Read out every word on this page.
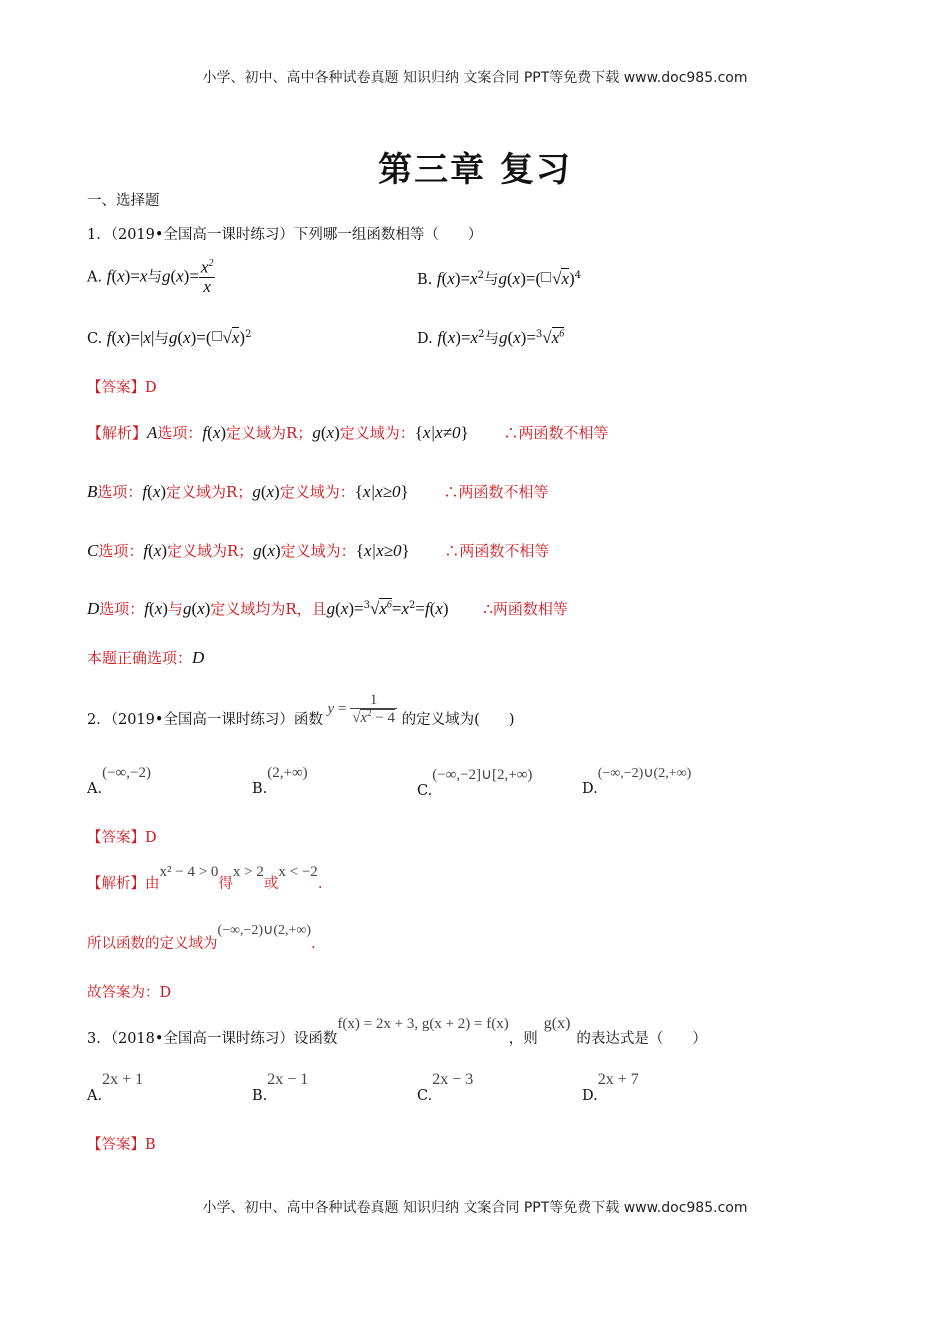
小学、初中、高中各种试卷真题 知识归纳 文案合同 PPT等免费下载 www.doc985.com
第三章 复习
一、选择题
1．（2019•全国高一课时练习）下列哪一组函数相等（　　）
A. f(x)=x与$g(x)= \frac{x^2}{x}$	B. $f(x)=x^2$与g(x)=( √x)$^4$
C. f(x)=|x|与g(x)=( √x)$^2$	D. $f(x)=x^2$与$g(x)=^3√x^6$
【答案】D
【解析】A选项：f(x)定义域为R；g(x)定义域为：{x|x≠0} ∴两函数不相等
B选项：f(x)定义域为R；g(x)定义域为：{x|x≥0} ∴两函数不相等
C选项：f(x)定义域为R；g(x)定义域为：{x|x≥0} ∴两函数不相等
D选项：f(x)与g(x)定义域均为R，且$g(x)=^3√x^6=x^2=f(x)$ ∴两函数相等
本题正确选项：D
2．（2019•全国高一课时练习）函数 $y = \frac{1}{√x^2 - 4}$ 的定义域为(　　)
A.(−∞,−2)
B.(2,+∞)
C.(−∞,−2]∪[2,+∞)
D.(−∞,−2)∪(2,+∞)
【答案】D
【解析】由x² − 4 > 0得x > 2或x < −2.
所以函数的定义域为(−∞,−2)∪(2,+∞).
故答案为：D
3．（2018•全国高一课时练习）设函数f(x) = 2x + 3, g(x + 2) = f(x)，则g(x)的表达式是（　　）
A.2x + 1
B.2x − 1
C.2x − 3
D.2x + 7
【答案】B
小学、初中、高中各种试卷真题 知识归纳 文案合同 PPT等免费下载 www.doc985.com
